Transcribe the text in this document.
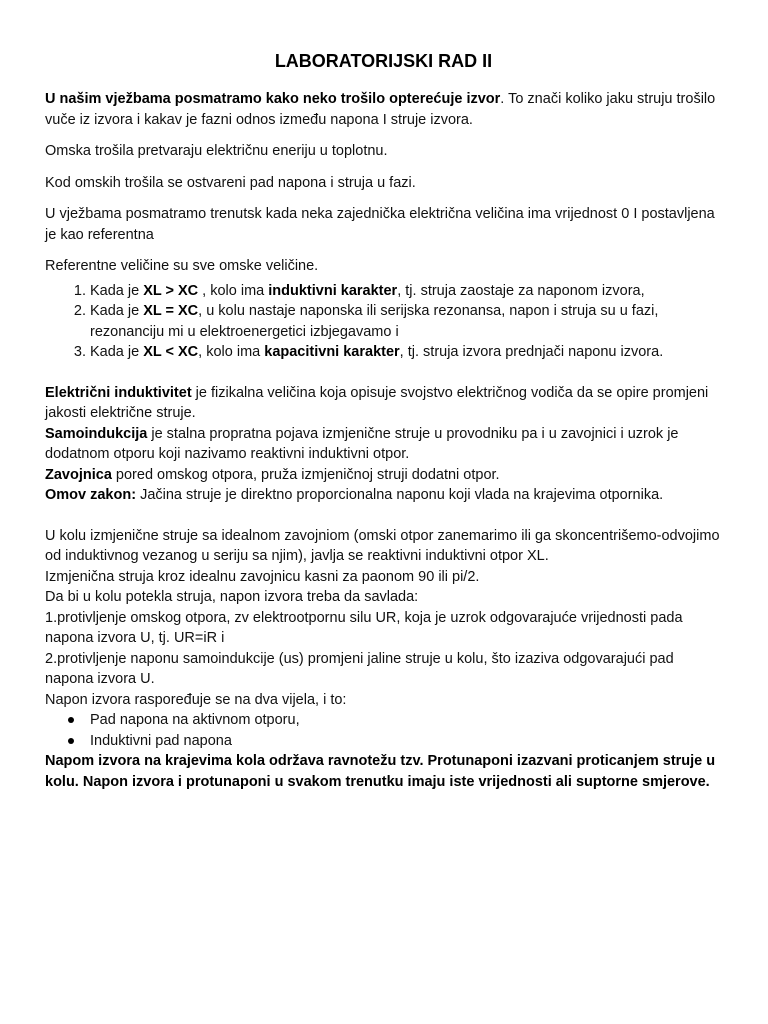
LABORATORIJSKI RAD II

U našim vježbama posmatramo kako neko trošilo opterećuje izvor. To znači koliko jaku struju trošilo vuče iz izvora i kakav je fazni odnos između napona I struje izvora.

Omska trošila pretvaraju električnu eneriju u toplotnu.

Kod omskih trošila se ostvareni pad napona i struja u fazi.

U vježbama posmatramo trenutsk kada neka zajednička električna veličina ima vrijednost 0 I postavljena je kao referentna

Referentne veličine su sve omske veličine.

1. Kada je XL > XC , kolo ima induktivni karakter, tj. struja zaostaje za naponom izvora,
2. Kada je XL = XC, u kolu nastaje naponska ili serijska rezonansa, napon i struja su u fazi, rezonanciju mi u elektroenergetici izbjegavamo i
3. Kada je XL < XC, kolo ima kapacitivni karakter, tj. struja izvora prednjači naponu izvora.

Električni induktivitet je fizikalna veličina koja opisuje svojstvo električnog vodiča da se opire promjeni jakosti električne struje.

Samoindukcija je stalna propratna pojava izmjenične struje u provodniku pa i u zavojnici i uzrok je dodatnom otporu koji nazivamo reaktivni induktivni otpor.

Zavojnica pored omskog otpora, pruža izmjeničnoj struji dodatni otpor.

Omov zakon: Jačina struje je direktno proporcionalna naponu koji vlada na krajevima otpornika.

U kolu izmjenične struje sa idealnom zavojniom (omski otpor zanemarimo ili ga skoncentrišemo-odvojimo od induktivnog vezanog u seriju sa njim), javlja se reaktivni induktivni otpor XL.

Izmjenična struja kroz idealnu zavojnicu kasni za paonom 90 ili pi/2.

Da bi u kolu potekla struja, napon izvora treba da savlada:

1.protivljenje omskog otpora, zv elektrootpornu silu UR, koja je uzrok odgovarajuće vrijednosti pada napona izvora U, tj. UR=iR i

2.protivljenje naponu samoindukcije (us) promjeni jaline struje u kolu, što izaziva odgovarajući pad napona izvora U.

Napon izvora raspoređuje se na dva vijela, i to:

Pad napona na aktivnom otporu,
Induktivni pad napona

Napom izvora na krajevima kola održava ravnotežu tzv. Protunaponi izazvani proticanjem struje u kolu. Napon izvora i protunaponi u svakom trenutku imaju iste vrijednosti ali suptorne smjerove.
